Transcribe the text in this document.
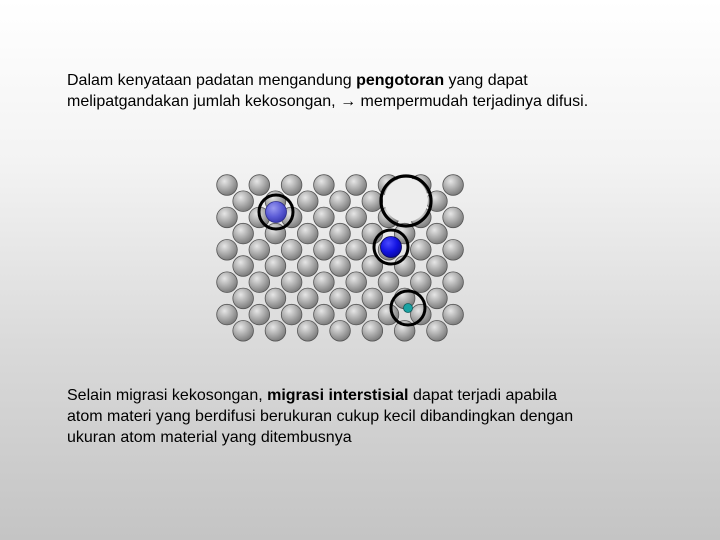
Dalam kenyataan padatan mengandung pengotoran yang dapat
melipatgandakan jumlah kekosongan, → mempermudah terjadinya difusi.

Selain migrasi kekosongan, migrasi interstisial dapat terjadi apabila
atom materi yang berdifusi berukuran cukup kecil dibandingkan dengan
ukuran atom material yang ditembusnya
